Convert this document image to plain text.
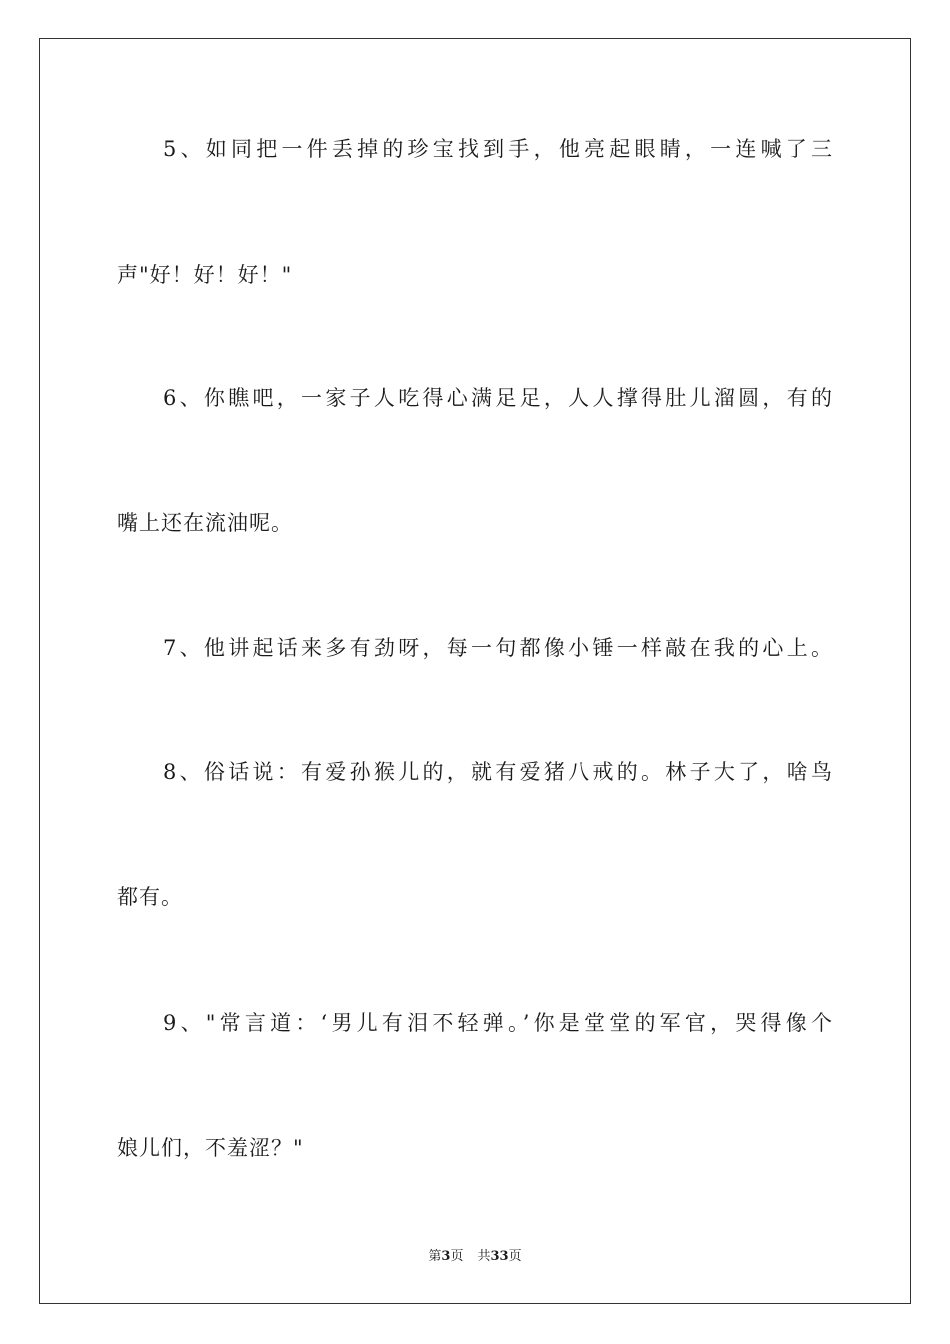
5、如同把一件丢掉的珍宝找到手，他亮起眼睛，一连喊了三
声"好！好！好！"
6、你瞧吧，一家子人吃得心满足足，人人撑得肚儿溜圆，有的
嘴上还在流油呢。
7、他讲起话来多有劲呀，每一句都像小锤一样敲在我的心上。
8、俗话说：有爱孙猴儿的，就有爱猪八戒的。林子大了，啥鸟
都有。
9、"常言道：‘男儿有泪不轻弹。’你是堂堂的军官，哭得像个
娘儿们，不羞涩？"
第3页 共33页
